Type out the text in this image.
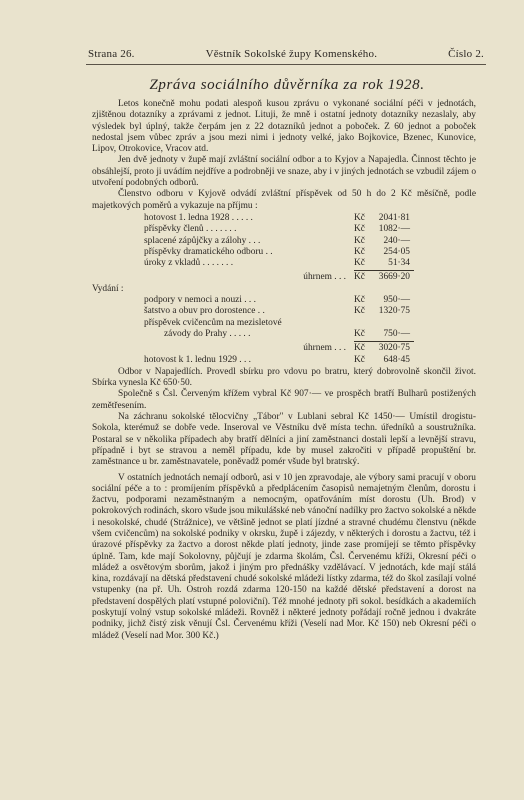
Strana 26.	Věstník Sokolské župy Komenského.	Číslo 2.
Zpráva sociálního důvěrníka za rok 1928.

Letos konečně mohu podati alespoň kusou zprávu o vykonané sociální péči v jednotách, zjištěnou dotazníky a zprávami z jednot. Lituji, že mně i ostatní jednoty dotazníky nezaslaly, aby výsledek byl úplný, takže čerpám jen z 22 dotazníků jednot a poboček. Z 60 jednot a poboček nedostal jsem vůbec zpráv a jsou mezi nimi i jednoty velké, jako Bojkovice, Bzenec, Kunovice, Lipov, Otrokovice, Vracov atd.

Jen dvě jednoty v župě mají zvláštní sociální odbor a to Kyjov a Napajedla. Činnost těchto je obsáhlejší, proto ji uvádím nejdříve a podrobněji ve snaze, aby i v jiných jednotách se vzbudil zájem o utvoření podobných odborů.

Členstvo odboru v Kyjově odvádí zvláštní příspěvek od 50 h do 2 Kč měsíčně, podle majetkových poměrů a vykazuje na příjmu :

hotovost 1. ledna 1928 . . . . .	Kč	2041·81
příspěvky členů . . . . . . .	Kč	1082·—
splacené zápůjčky a zálohy . . .	Kč	240·—
příspěvky dramatického odboru . .	Kč	254·05
úroky z vkladů . . . . . . .	Kč	51·34
úhrnem . . . Kč	3669·20
Vydání :
podpory v nemoci a nouzi . . .	Kč	950·—
šatstvo a obuv pro dorostence . .	Kč	1320·75
příspěvek cvičencům na mezisletové
závody do Prahy . . . . .	Kč	750·—
úhrnem . . . Kč	3020·75
hotovost k 1. lednu 1929 . . .	Kč	648·45

Odbor v Napajedlích. Provedl sbírku pro vdovu po bratru, který dobrovolně skončil život. Sbírka vynesla Kč 650·50.

Společně s Čsl. Červeným křížem vybral Kč 907·— ve prospěch bratří Bulharů postižených zemětřesením.

Na záchranu sokolské tělocvičny „Tábor" v Lublani sebral Kč 1450·— Umístil drogistu-Sokola, kterémuž se dobře vede. Inseroval ve Věstníku dvě místa techn. úředníků a soustružníka. Postaral se v několika případech aby bratří dělníci a jiní zaměstnanci dostali lepší a levnější stravu, případně i byt se stravou a neměl případu, kde by musel zakročiti v případě propuštění br. zaměstnance u br. zaměstnavatele, poněvadž pomér všude byl bratrský.

V ostatních jednotách nemají odborů, asi v 10 jen zpravodaje, ale výbory sami pracují v oboru sociální péče a to : promíjením příspěvků a předplácením časopisů nemajetným členům, dorostu i žactvu, podporami nezaměstnaným a nemocným, opatřováním míst dorostu (Uh. Brod) v pokrokových rodinách, skoro všude jsou mikulášské neb vánoční nadílky pro žactvo sokolské a někde i nesokolské, chudé (Strážnice), ve většině jednot se platí jízdné a stravné chudému členstvu (někde všem cvičencům) na sokolské podniky v okrsku, župě i zájezdy, v některých i dorostu a žactvu, též i úrazové příspěvky za žactvo a dorost někde platí jednoty, jinde zase promíjejí se těmto příspěvky úplně. Tam, kde mají Sokolovny, půjčují je zdarma školám, Čsl. Červenému kříži, Okresní péči o mládež a osvětovým sborům, jakož i jiným pro přednášky vzdělávací. V jednotách, kde mají stálá kina, rozdávají na dětská představení chudé sokolské mládeži lístky zdarma, též do škol zasílají volné vstupenky (na př. Uh. Ostroh rozdá zdarma 120-150 na každé dětské představení a dorost na představení dospělých platí vstupné poloviční). Též mnohé jednoty při sokol. besídkách a akademiích poskytují volný vstup sokolské mládeži. Rovněž i některé jednoty pořádají ročně jednou i dvakráte podniky, jichž čistý zisk věnují Čsl. Červenému kříži (Veselí nad Mor. Kč 150) neb Okresní péči o mládež (Veselí nad Mor. 300 Kč.)
